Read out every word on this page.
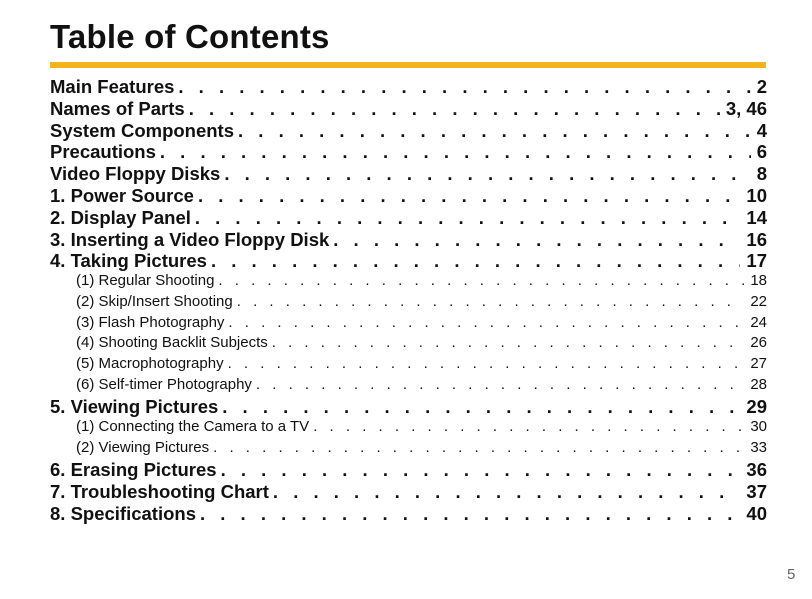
Table of Contents
Main Features . . .	2
Names of Parts . . .	3, 46
System Components . . .	4
Precautions . . .	6
Video Floppy Disks . . .	8
1. Power Source . . .	10
2. Display Panel . . .	14
3. Inserting a Video Floppy Disk . . .	16
4. Taking Pictures . . .	17
(1) Regular Shooting . . .	18
(2) Skip/Insert Shooting . . .	22
(3) Flash Photography . . .	24
(4) Shooting Backlit Subjects . . .	26
(5) Macrophotography . . .	27
(6) Self-timer Photography . . .	28
5. Viewing Pictures . . .	29
(1) Connecting the Camera to a TV . . .	30
(2) Viewing Pictures . . .	33
6. Erasing Pictures . . .	36
7. Troubleshooting Chart . . .	37
8. Specifications . . .	40
5
